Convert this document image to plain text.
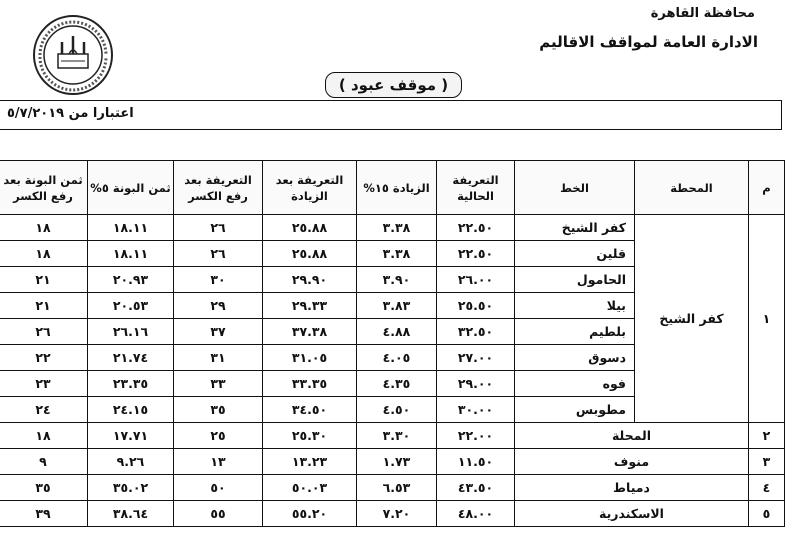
محافظة القاهرة
الادارة العامة لمواقف الاقاليم
( موقف عبود )
اعتبارا من ٥/٧/٢٠١٩
م	المحطة	الخط	التعريفة الحالية	الزيادة ١٥%	التعريفة بعد الزيادة	التعريفة بعد رفع الكسر	ثمن البونة ٥%	ثمن البونة بعد رفع الكسر
١	كفر الشيخ	كفر الشيخ	٢٢.٥٠	٣.٣٨	٢٥.٨٨	٢٦	١٨.١١	١٨
		قلين	٢٢.٥٠	٣.٣٨	٢٥.٨٨	٢٦	١٨.١١	١٨
		الحامول	٢٦.٠٠	٣.٩٠	٢٩.٩٠	٣٠	٢٠.٩٣	٢١
		بيلا	٢٥.٥٠	٣.٨٣	٢٩.٣٣	٢٩	٢٠.٥٣	٢١
		بلطيم	٣٢.٥٠	٤.٨٨	٣٧.٣٨	٣٧	٢٦.١٦	٢٦
		دسوق	٢٧.٠٠	٤.٠٥	٣١.٠٥	٣١	٢١.٧٤	٢٢
		فوه	٢٩.٠٠	٤.٣٥	٣٣.٣٥	٣٣	٢٣.٣٥	٢٣
		مطوبس	٣٠.٠٠	٤.٥٠	٣٤.٥٠	٣٥	٢٤.١٥	٢٤
٢	المحلة		٢٢.٠٠	٣.٣٠	٢٥.٣٠	٢٥	١٧.٧١	١٨
٣	منوف		١١.٥٠	١.٧٣	١٣.٢٣	١٣	٩.٢٦	٩
٤	دمياط		٤٣.٥٠	٦.٥٣	٥٠.٠٣	٥٠	٣٥.٠٢	٣٥
٥	الاسكندرية		٤٨.٠٠	٧.٢٠	٥٥.٢٠	٥٥	٣٨.٦٤	٣٩
